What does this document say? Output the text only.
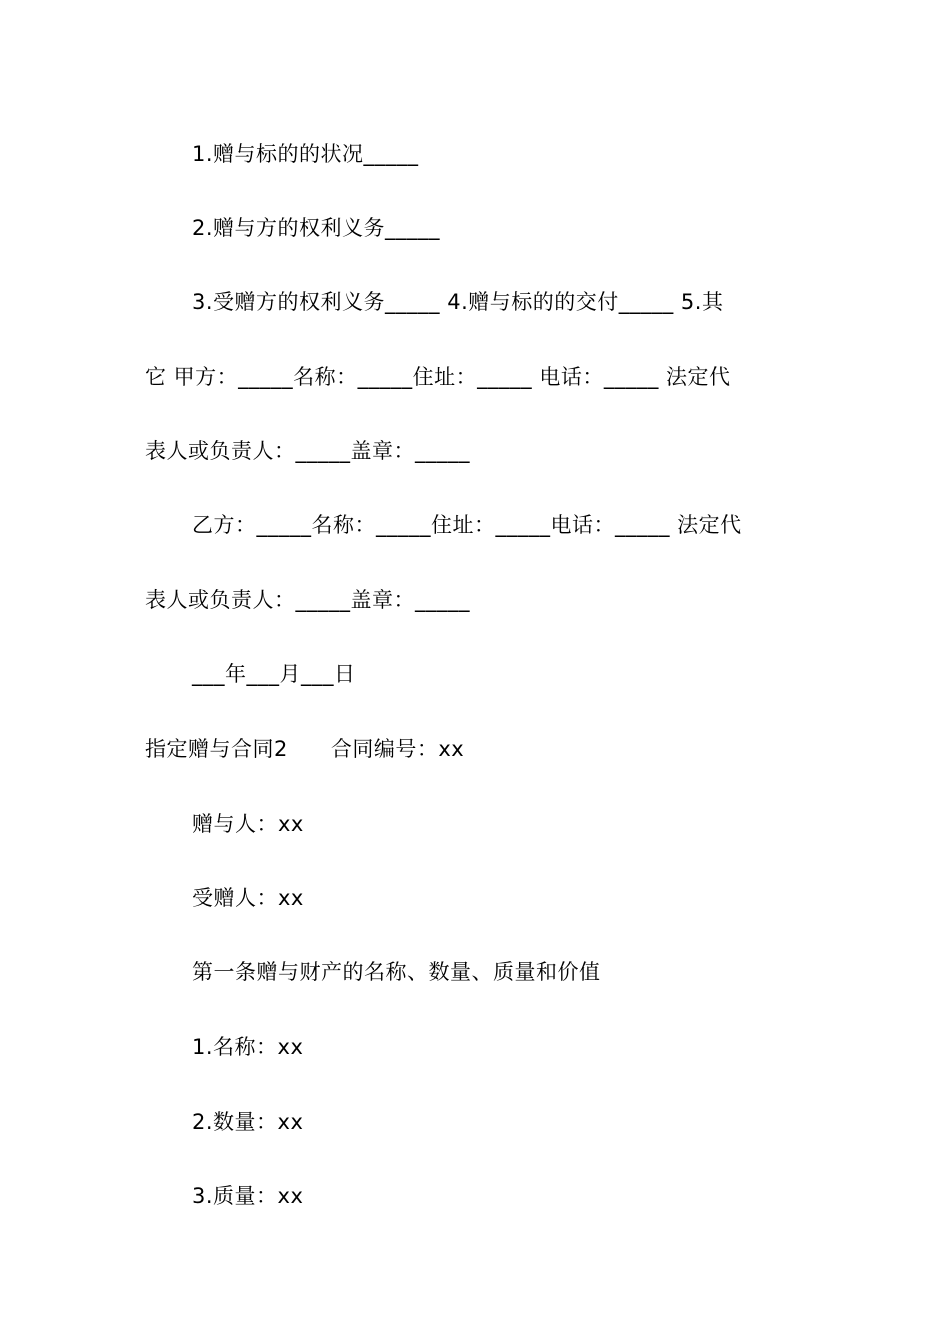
1.赠与标的的状况_____
2.赠与方的权利义务_____
3.受赠方的权利义务_____ 4.赠与标的的交付_____ 5.其
它 甲方：_____名称：_____住址：_____ 电话：_____ 法定代
表人或负责人：_____盖章：_____
乙方：_____名称：_____住址：_____电话：_____ 法定代
表人或负责人：_____盖章：_____
___年___月___日
指定赠与合同2　　合同编号：xx
赠与人：xx
受赠人：xx
第一条赠与财产的名称、数量、质量和价值
1.名称：xx
2.数量：xx
3.质量：xx
